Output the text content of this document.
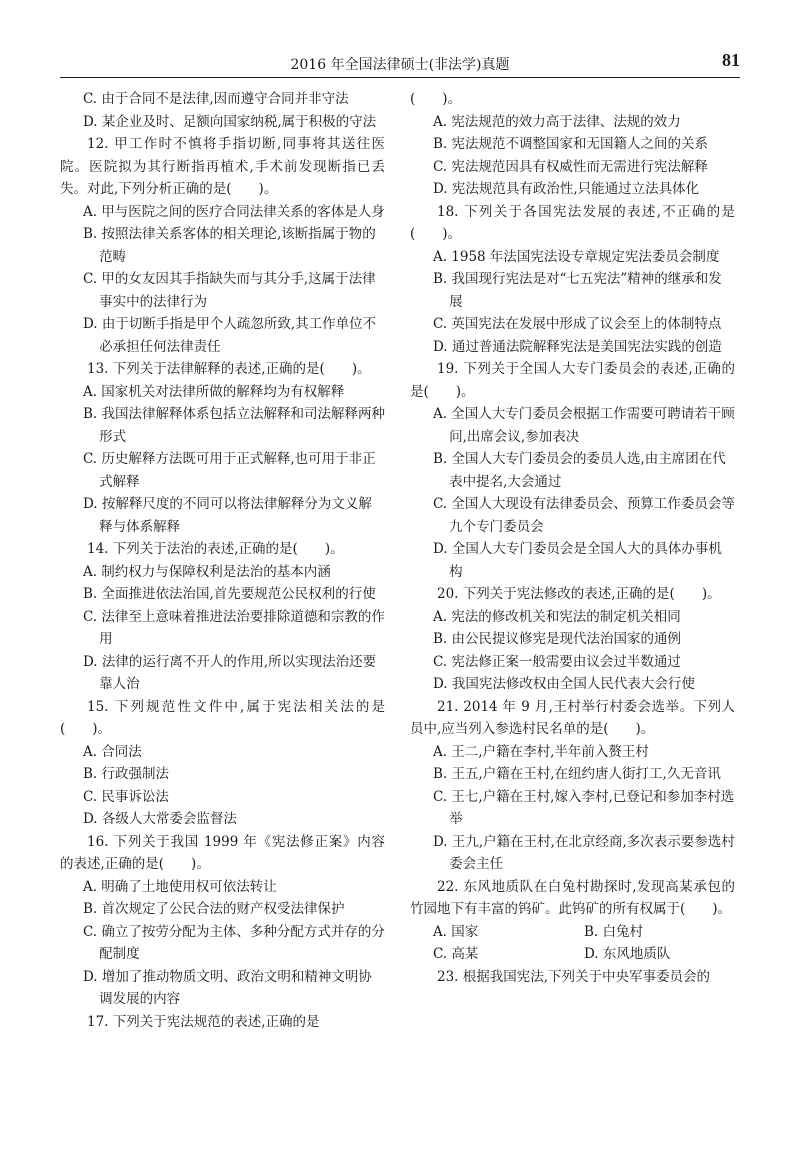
2016 年全国法律硕士(非法学)真题	81

C. 由于合同不是法律,因而遵守合同并非守法

D. 某企业及时、足额向国家纳税,属于积极的守法

12. 甲工作时不慎将手指切断,同事将其送往医院。医院拟为其行断指再植术,手术前发现断指已丢失。对此,下列分析正确的是(　　)。

A. 甲与医院之间的医疗合同法律关系的客体是人身

B. 按照法律关系客体的相关理论,该断指属于物的范畴

C. 甲的女友因其手指缺失而与其分手,这属于法律事实中的法律行为

D. 由于切断手指是甲个人疏忽所致,其工作单位不必承担任何法律责任

13. 下列关于法律解释的表述,正确的是(　　)。

A. 国家机关对法律所做的解释均为有权解释

B. 我国法律解释体系包括立法解释和司法解释两种形式

C. 历史解释方法既可用于正式解释,也可用于非正式解释

D. 按解释尺度的不同可以将法律解释分为文义解释与体系解释

14. 下列关于法治的表述,正确的是(　　)。

A. 制约权力与保障权利是法治的基本内涵

B. 全面推进依法治国,首先要规范公民权利的行使

C. 法律至上意味着推进法治要排除道德和宗教的作用

D. 法律的运行离不开人的作用,所以实现法治还要靠人治

15. 下列规范性文件中,属于宪法相关法的是(　　)。

A. 合同法

B. 行政强制法

C. 民事诉讼法

D. 各级人大常委会监督法

16. 下列关于我国 1999 年《宪法修正案》内容的表述,正确的是(　　)。

A. 明确了土地使用权可依法转让

B. 首次规定了公民合法的财产权受法律保护

C. 确立了按劳分配为主体、多种分配方式并存的分配制度

D. 增加了推动物质文明、政治文明和精神文明协调发展的内容

17. 下列关于宪法规范的表述,正确的是

(　　)。

A. 宪法规范的效力高于法律、法规的效力

B. 宪法规范不调整国家和无国籍人之间的关系

C. 宪法规范因具有权威性而无需进行宪法解释

D. 宪法规范具有政治性,只能通过立法具体化

18. 下列关于各国宪法发展的表述,不正确的是(　　)。

A. 1958 年法国宪法设专章规定宪法委员会制度

B. 我国现行宪法是对“七五宪法”精神的继承和发展

C. 英国宪法在发展中形成了议会至上的体制特点

D. 通过普通法院解释宪法是美国宪法实践的创造

19. 下列关于全国人大专门委员会的表述,正确的是(　　)。

A. 全国人大专门委员会根据工作需要可聘请若干顾问,出席会议,参加表决

B. 全国人大专门委员会的委员人选,由主席团在代表中提名,大会通过

C. 全国人大现设有法律委员会、预算工作委员会等九个专门委员会

D. 全国人大专门委员会是全国人大的具体办事机构

20. 下列关于宪法修改的表述,正确的是(　　)。

A. 宪法的修改机关和宪法的制定机关相同

B. 由公民提议修宪是现代法治国家的通例

C. 宪法修正案一般需要由议会过半数通过

D. 我国宪法修改权由全国人民代表大会行使

21. 2014 年 9 月,王村举行村委会选举。下列人员中,应当列入参选村民名单的是(　　)。

A. 王二,户籍在李村,半年前入赘王村

B. 王五,户籍在王村,在纽约唐人街打工,久无音讯

C. 王七,户籍在王村,嫁入李村,已登记和参加李村选举

D. 王九,户籍在王村,在北京经商,多次表示要参选村委会主任

22. 东风地质队在白兔村勘探时,发现高某承包的竹园地下有丰富的钨矿。此钨矿的所有权属于(　　)。

A. 国家	B. 白兔村
C. 高某	D. 东风地质队

23. 根据我国宪法,下列关于中央军事委员会的
